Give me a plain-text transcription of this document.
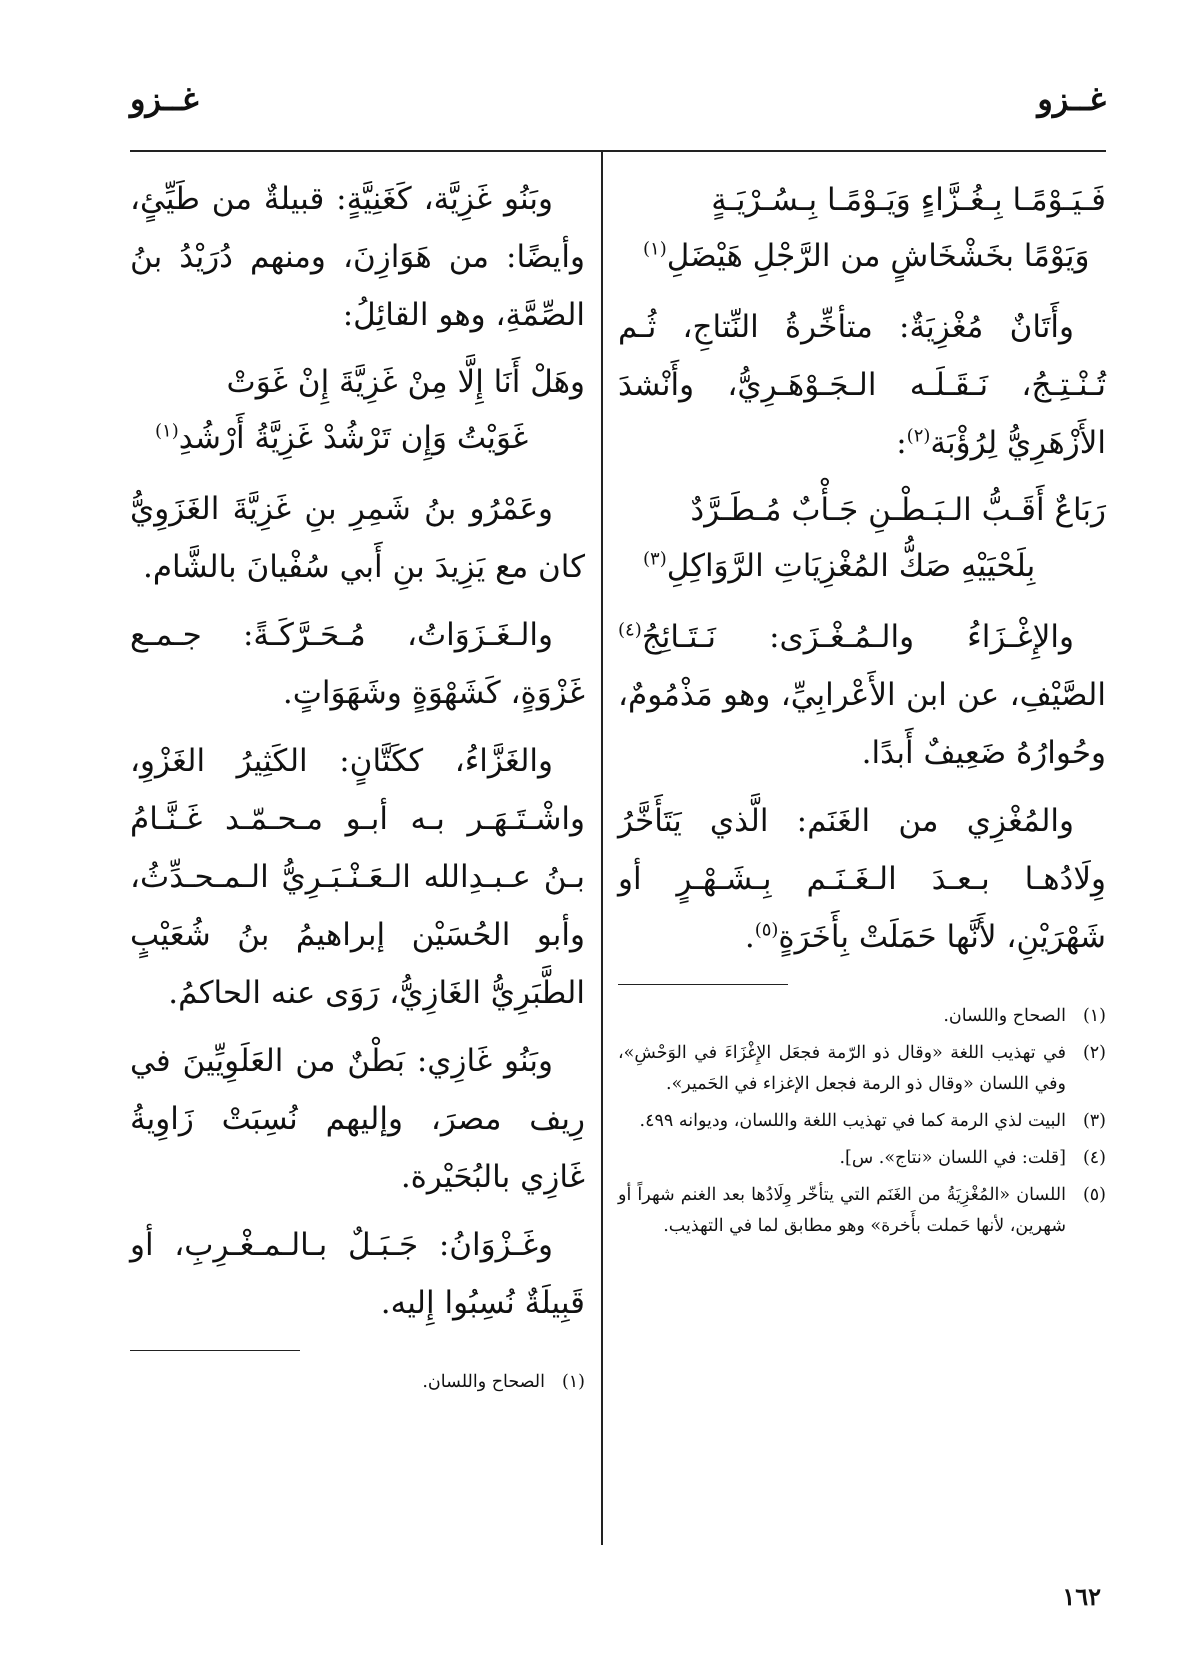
غــزو
غــزو
فَـيَـوْمًـا بِـغُـزَّاءٍ وَيَـوْمًـا بِـسُـرْيَـةٍ
وَيَوْمًا بخَشْخَاشٍ من الرَّجْلِ هَيْضَلِ$^{(١)}$

وأَتَانٌ مُغْزِيَةٌ: متأخِّرةُ النِّتاجِ، ثُـم تُـنْـتِـجُ، نَـقَـلَـه الـجَـوْهَـرِيُّ، وأَنْشدَ الأَزْهَرِيُّ لِرُؤْبَة$^{(٢)}$:

رَبَاعٌ أَقَـبُّ الـبَـطْـنِ جَـأْبٌ مُـطَـرَّدٌ
بِلَحْيَيْهِ صَكُّ المُغْزِيَاتِ الرَّوَاكِلِ$^{(٣)}$

والإِغْـزَاءُ والـمُـغْـزَى: نَـتَـائِجُ$^{(٤)}$ الصَّيْفِ، عن ابن الأَعْرابِيِّ، وهو مَذْمُومٌ، وحُوارُهُ ضَعِيفٌ أَبدًا.

والمُغْزِي من الغَنَم: الَّذي يَتَأَخَّرُ وِلَادُهـا بـعـدَ الـغَـنَـم بِـشَـهْـرٍ أو شَهْرَيْنِ، لأَنَّها حَمَلَتْ بِأَخَرَةٍ$^{(٥)}$.

(١)
الصحاح واللسان.
(٢)
في تهذيب اللغة «وقال ذو الرّمة فجعَل الإِغْزَاءَ في الوَحْشِ»، وفي اللسان «وقال ذو الرمة فجعل الإغزاء في الحَمير».
(٣)
البيت لذي الرمة كما في تهذيب اللغة واللسان، وديوانه ٤٩٩.
(٤)
[قلت: في اللسان «نتاج». س].
(٥)
اللسان «المُغْزِيَةُ من الغَنَم التي يتأخّر وِلَادُها بعد الغنم شهراً أو شهرين، لأنها حَملت بأَخرة» وهو مطابق لما في التهذيب.

وبَنُو غَزِيَّة، كَغَنِيَّةٍ: قبيلةٌ من طَيِّئٍ، وأيضًا: من هَوَازِنَ، ومنهم دُرَيْدُ بنُ الصِّمَّةِ، وهو القائِلُ:

وهَلْ أَنَا إِلَّا مِنْ غَزِيَّةَ إِنْ غَوَتْ
غَوَيْتُ وَإِن تَرْشُدْ غَزِيَّةُ أَرْشُدِ$^{(١)}$

وعَمْرُو بنُ شَمِرِ بنِ غَزِيَّةَ الغَزَوِيُّ كان مع يَزِيدَ بنِ أَبي سُفْيانَ بالشَّام.

والـغَـزَوَاتُ، مُـحَـرَّكَـةً: جـمـع غَزْوَةٍ، كَشَهْوَةٍ وشَهَوَاتٍ.

والغَزَّاءُ، ككَتَّانٍ: الكَثِيرُ الغَزْوِ، واشْـتَـهَـر بـه أبـو مـحـمّـد غَـنَّـامُ بـنُ عـبـدِالله الـعَـنْـبَـرِيُّ الـمـحـدِّثُ، وأبو الحُسَيْن إبراهيمُ بنُ شُعَيْبٍ الطَّبَرِيُّ الغَازِيُّ، رَوَى عنه الحاكمُ.

وبَنُو غَازِي: بَطْنٌ من العَلَوِيِّينَ في رِيف مصرَ، وإليهم نُسِبَتْ زَاوِيةُ غَازِي بالبُحَيْرة.

وغَـزْوَانُ: جَـبَـلٌ بـالـمـغْـرِبِ، أو قَبِيلَةٌ نُسِبُوا إِليه.

(١)
الصحاح واللسان.
١٦٢
